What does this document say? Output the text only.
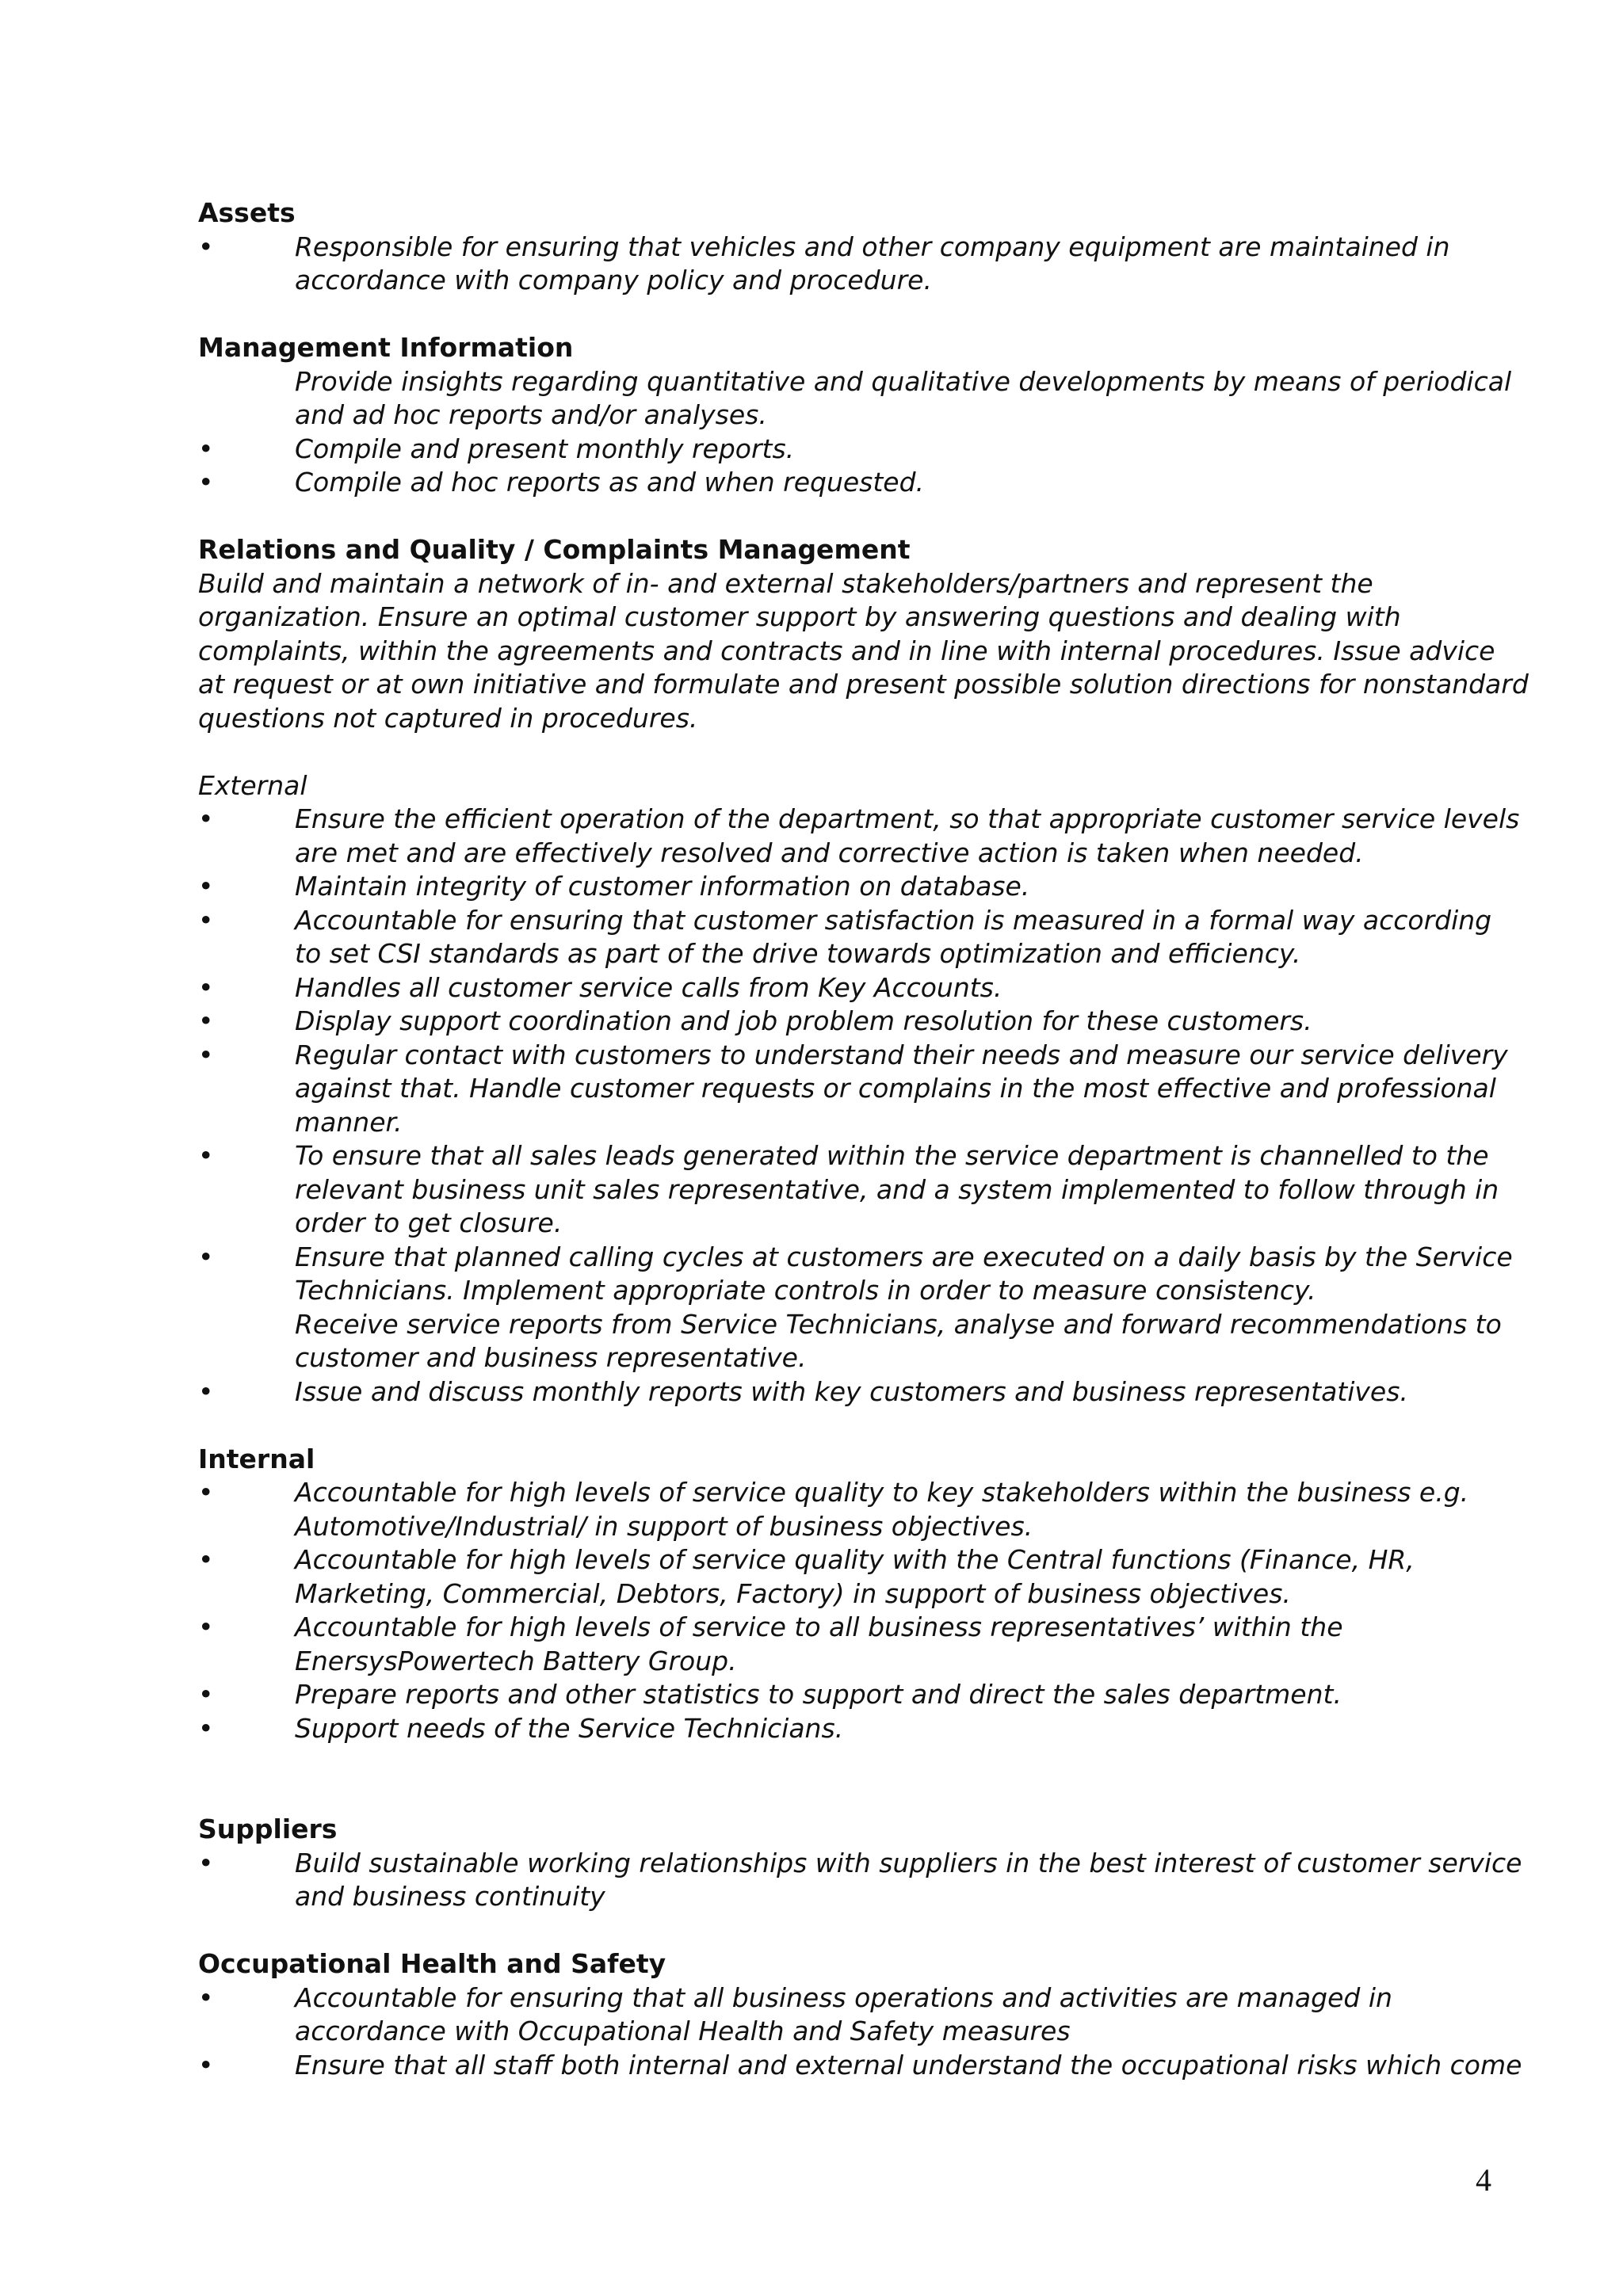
Assets
•	Responsible for ensuring that vehicles and other company equipment are maintained in
accordance with company policy and procedure.
Management Information
Provide insights regarding quantitative and qualitative developments by means of periodical
and ad hoc reports and/or analyses.
•	Compile and present monthly reports.
•	Compile ad hoc reports as and when requested.
Relations and Quality / Complaints Management
Build and maintain a network of in- and external stakeholders/partners and represent the
organization. Ensure an optimal customer support by answering questions and dealing with
complaints, within the agreements and contracts and in line with internal procedures. Issue advice
at request or at own initiative and formulate and present possible solution directions for nonstandard
questions not captured in procedures.
External
•	Ensure the efficient operation of the department, so that appropriate customer service levels
are met and are effectively resolved and corrective action is taken when needed.
•	Maintain integrity of customer information on database.
•	Accountable for ensuring that customer satisfaction is measured in a formal way according
to set CSI standards as part of the drive towards optimization and efficiency.
•	Handles all customer service calls from Key Accounts.
•	Display support coordination and job problem resolution for these customers.
•	Regular contact with customers to understand their needs and measure our service delivery
against that. Handle customer requests or complains in the most effective and professional
manner.
•	To ensure that all sales leads generated within the service department is channelled to the
relevant business unit sales representative, and a system implemented to follow through in
order to get closure.
•	Ensure that planned calling cycles at customers are executed on a daily basis by the Service
Technicians. Implement appropriate controls in order to measure consistency.
Receive service reports from Service Technicians, analyse and forward recommendations to
customer and business representative.
•	Issue and discuss monthly reports with key customers and business representatives.
Internal
•	Accountable for high levels of service quality to key stakeholders within the business e.g.
Automotive/Industrial/ in support of business objectives.
•	Accountable for high levels of service quality with the Central functions (Finance, HR,
Marketing, Commercial, Debtors, Factory) in support of business objectives.
•	Accountable for high levels of service to all business representatives’ within the
EnersysPowertech Battery Group.
•	Prepare reports and other statistics to support and direct the sales department.
•	Support needs of the Service Technicians.
Suppliers
•	Build sustainable working relationships with suppliers in the best interest of customer service
and business continuity
Occupational Health and Safety
•	Accountable for ensuring that all business operations and activities are managed in
accordance with Occupational Health and Safety measures
•	Ensure that all staff both internal and external understand the occupational risks which come
4
